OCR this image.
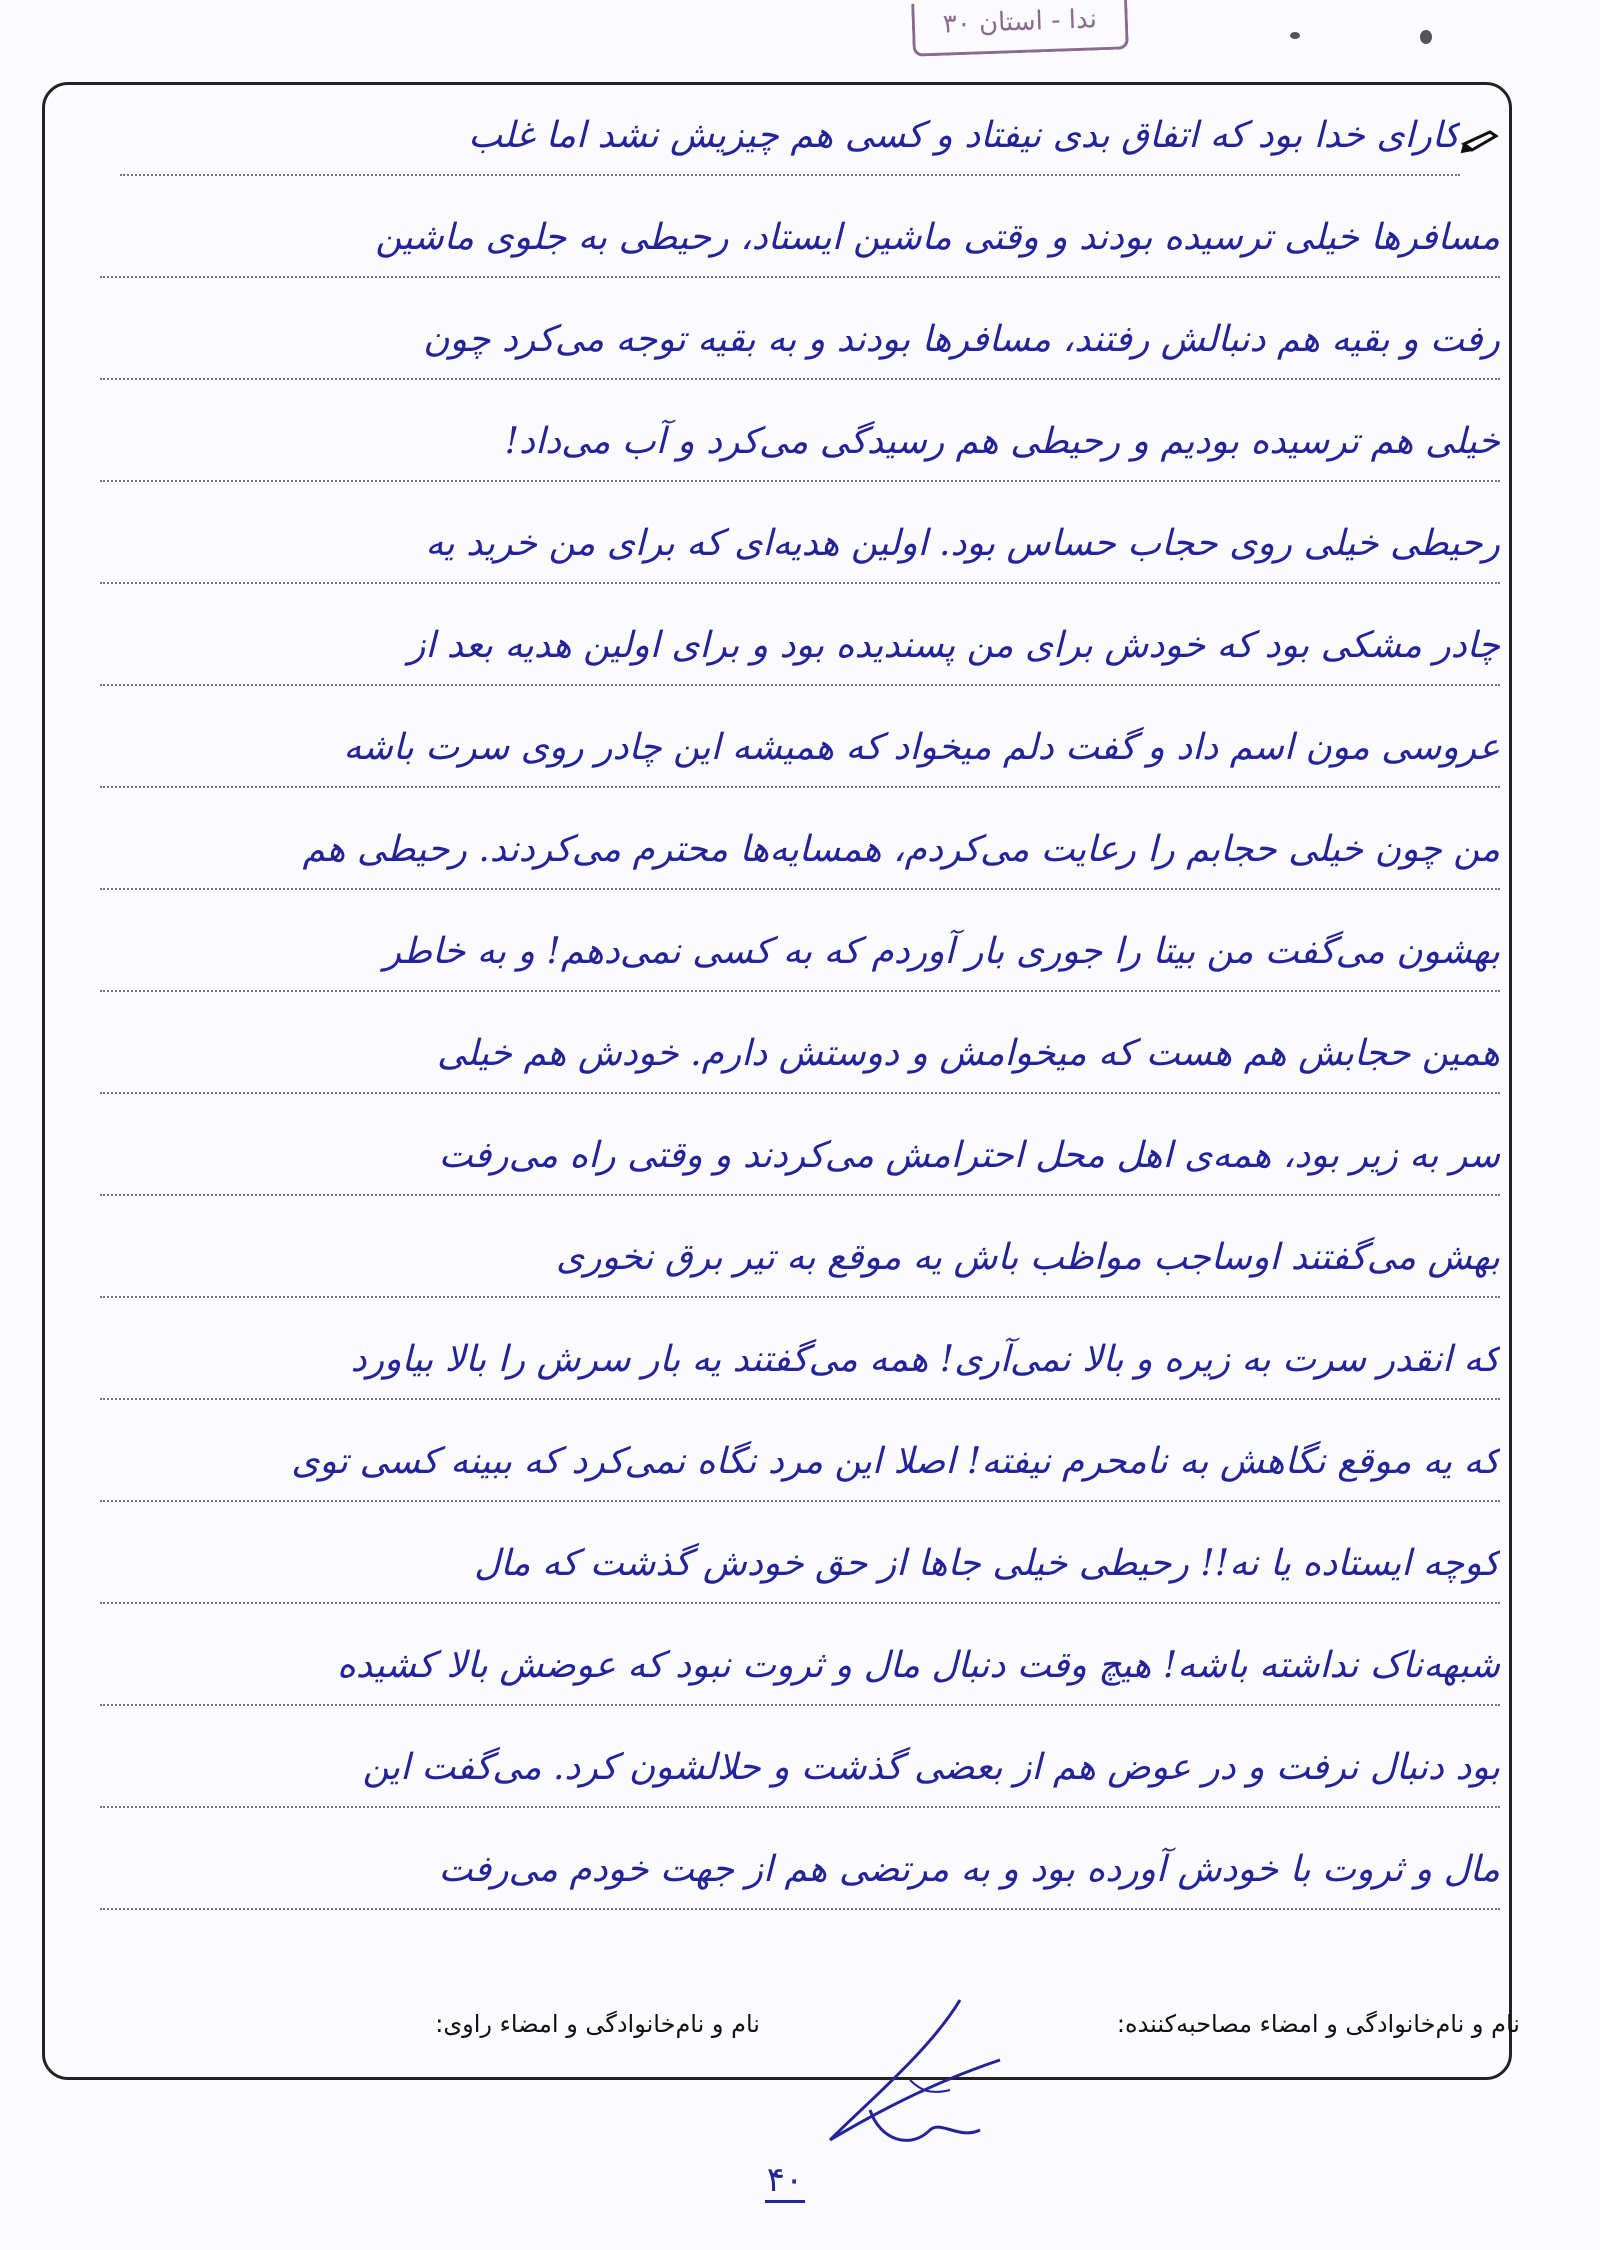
ندا - استان ۳۰
کارای خدا بود که اتفاق بدی نیفتاد و کسی هم چیزیش نشد اما غلب
مسافرها خیلی ترسیده بودند و وقتی ماشین ایستاد، رحیطی به جلوی ماشین
رفت و بقیه هم دنبالش رفتند، مسافرها بودند و به بقیه توجه می‌کرد چون
خیلی هم ترسیده بودیم و رحیطی هم رسیدگی می‌کرد و آب می‌داد!
رحیطی خیلی روی حجاب حساس بود. اولین هدیه‌ای که برای من خرید یه
چادر مشکی بود که خودش برای من پسندیده بود و برای اولین هدیه بعد از
عروسی مون اسم داد و گفت دلم میخواد که همیشه این چادر روی سرت باشه
من چون خیلی حجابم را رعایت می‌کردم، همسایه‌ها محترم می‌کردند. رحیطی هم
بهشون می‌گفت من بیتا را جوری بار آوردم که به کسی نمی‌دهم! و به خاطر
همین حجابش هم هست که میخوامش و دوستش دارم. خودش هم خیلی
سر به زیر بود، همه‌ی اهل محل احترامش می‌کردند و وقتی راه می‌رفت
بهش می‌گفتند اوساجب مواظب باش یه موقع به تیر برق نخوری
که انقدر سرت به زیره و بالا نمی‌آری! همه می‌گفتند یه بار سرش را بالا بیاورد
که یه موقع نگاهش به نامحرم نیفته! اصلا این مرد نگاه نمی‌کرد که ببینه کسی توی
کوچه ایستاده یا نه!! رحیطی خیلی جاها از حق خودش گذشت که مال
شبهه‌ناک نداشته باشه! هیچ وقت دنبال مال و ثروت نبود که عوضش بالا کشیده
بود دنبال نرفت و در عوض هم از بعضی گذشت و حلالشون کرد. می‌گفت این
مال و ثروت با خودش آورده بود و به مرتضی هم از جهت خودم می‌رفت
نام و نام‌خانوادگی و امضاء مصاحبه‌کننده:
نام و نام‌خانوادگی و امضاء راوی:
۴۰
